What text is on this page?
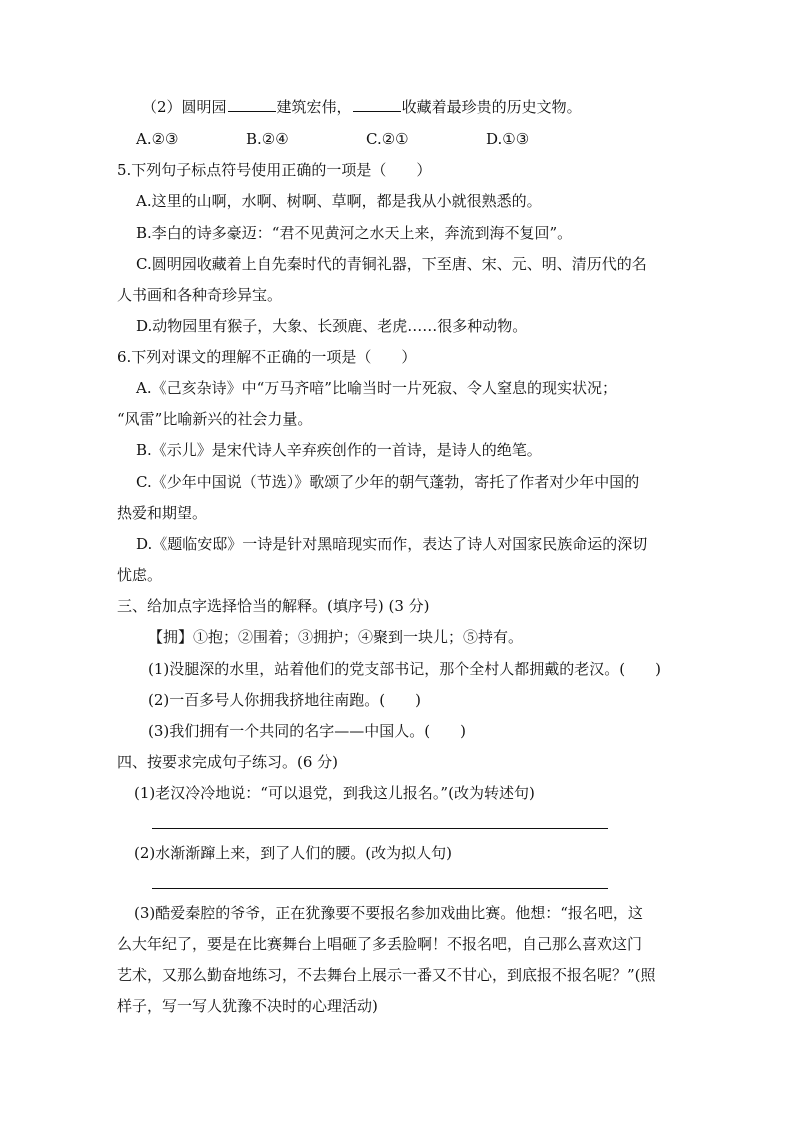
（2）圆明园	建筑宏伟，	收藏着最珍贵的历史文物。
A.②③	B.②④	C.②①	D.①③
5.下列句子标点符号使用正确的一项是（　　）
A.这里的山啊，水啊、树啊、草啊，都是我从小就很熟悉的。
B.李白的诗多豪迈：“君不见黄河之水天上来，奔流到海不复回”。
C.圆明园收藏着上自先秦时代的青铜礼器，下至唐、宋、元、明、清历代的名
人书画和各种奇珍异宝。
D.动物园里有猴子，大象、长颈鹿、老虎……很多种动物。
6.下列对课文的理解不正确的一项是（　　）
A.《己亥杂诗》中“万马齐喑”比喻当时一片死寂、令人窒息的现实状况；
“风雷”比喻新兴的社会力量。
B.《示儿》是宋代诗人辛弃疾创作的一首诗，是诗人的绝笔。
C.《少年中国说（节选）》歌颂了少年的朝气蓬勃，寄托了作者对少年中国的
热爱和期望。
D.《题临安邸》一诗是针对黑暗现实而作，表达了诗人对国家民族命运的深切
忧虑。
三、给加点字选择恰当的解释。(填序号) (3 分)
【拥】①抱；②围着；③拥护；④聚到一块儿；⑤持有。
(1)没腿深的水里，站着他们的党支部书记，那个全村人都拥戴的老汉。(　　)
(2)一百多号人你拥我挤地往南跑。(　　)
(3)我们拥有一个共同的名字——中国人。(　　)
四、按要求完成句子练习。(6 分)
(1)老汉冷冷地说：“可以退党，到我这儿报名。”(改为转述句)
(2)水渐渐蹿上来，到了人们的腰。(改为拟人句)
(3)酷爱秦腔的爷爷，正在犹豫要不要报名参加戏曲比赛。他想：“报名吧，这
么大年纪了，要是在比赛舞台上唱砸了多丢脸啊！不报名吧，自己那么喜欢这门
艺术，又那么勤奋地练习，不去舞台上展示一番又不甘心，到底报不报名呢？”(照
样子，写一写人犹豫不决时的心理活动)
